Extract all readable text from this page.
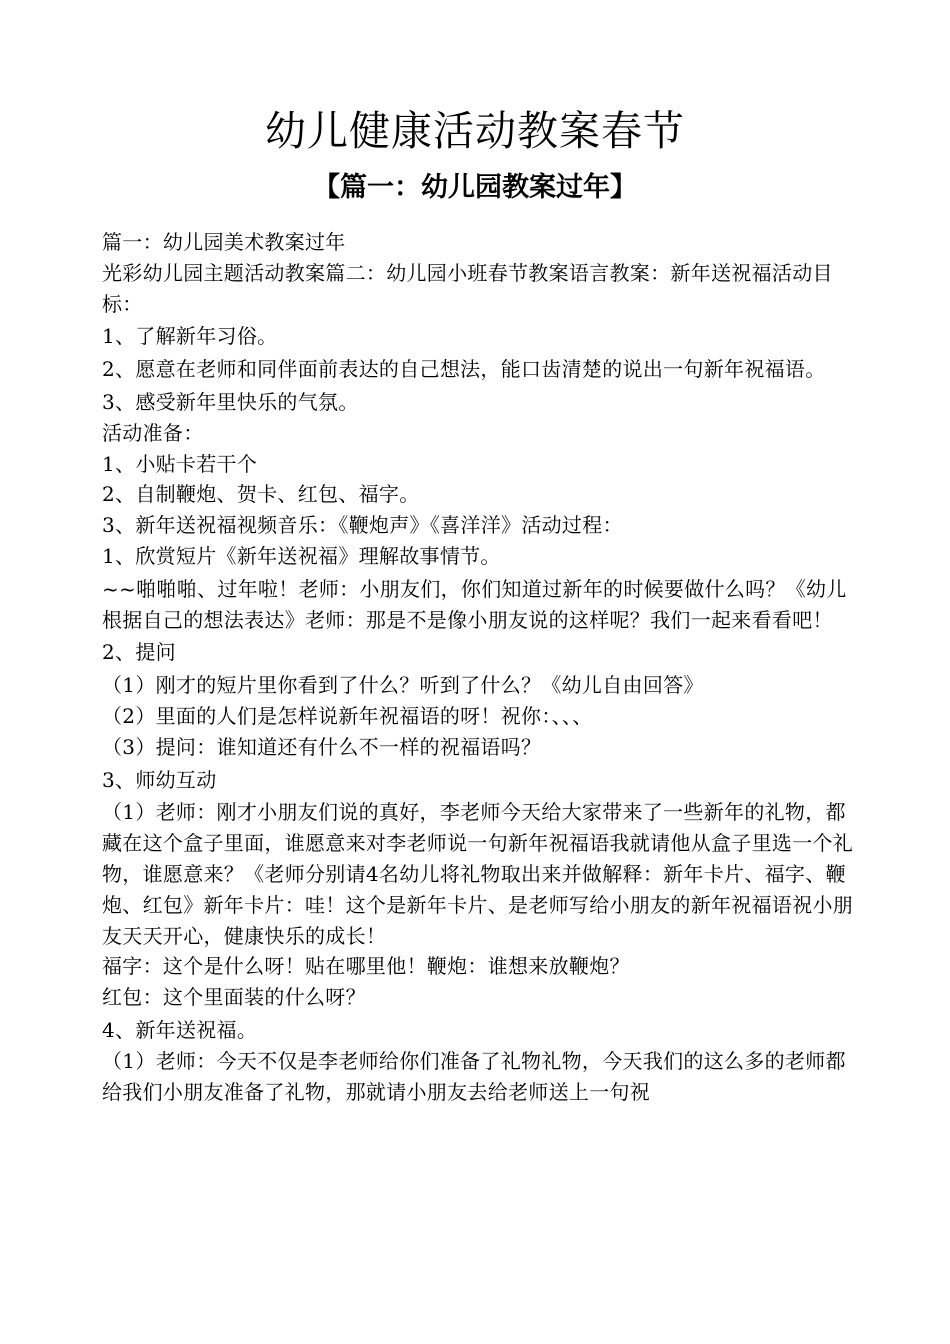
幼儿健康活动教案春节
【篇一：幼儿园教案过年】

篇一：幼儿园美术教案过年

光彩幼儿园主题活动教案篇二：幼儿园小班春节教案语言教案：新年送祝福活动目标：

1、了解新年习俗。

2、愿意在老师和同伴面前表达的自己想法，能口齿清楚的说出一句新年祝福语。

3、感受新年里快乐的气氛。

活动准备：

1、小贴卡若干个

2、自制鞭炮、贺卡、红包、福字。

3、新年送祝福视频音乐：《鞭炮声》《喜洋洋》活动过程：

1、欣赏短片《新年送祝福》理解故事情节。

~~啪啪啪、过年啦！老师：小朋友们，你们知道过新年的时候要做什么吗？《幼儿根据自己的想法表达》老师：那是不是像小朋友说的这样呢？我们一起来看看吧！

2、提问

（1）刚才的短片里你看到了什么？听到了什么？《幼儿自由回答》

（2）里面的人们是怎样说新年祝福语的呀！祝你：、、、

（3）提问：谁知道还有什么不一样的祝福语吗？

3、师幼互动

（1）老师：刚才小朋友们说的真好，李老师今天给大家带来了一些新年的礼物，都藏在这个盒子里面，谁愿意来对李老师说一句新年祝福语我就请他从盒子里选一个礼物，谁愿意来？《老师分别请4名幼儿将礼物取出来并做解释：新年卡片、福字、鞭炮、红包》新年卡片：哇！这个是新年卡片、是老师写给小朋友的新年祝福语祝小朋友天天开心，健康快乐的成长！

福字：这个是什么呀！贴在哪里他！鞭炮：谁想来放鞭炮？

红包：这个里面装的什么呀？

4、新年送祝福。

（1）老师：今天不仅是李老师给你们准备了礼物礼物，今天我们的这么多的老师都给我们小朋友准备了礼物，那就请小朋友去给老师送上一句祝
